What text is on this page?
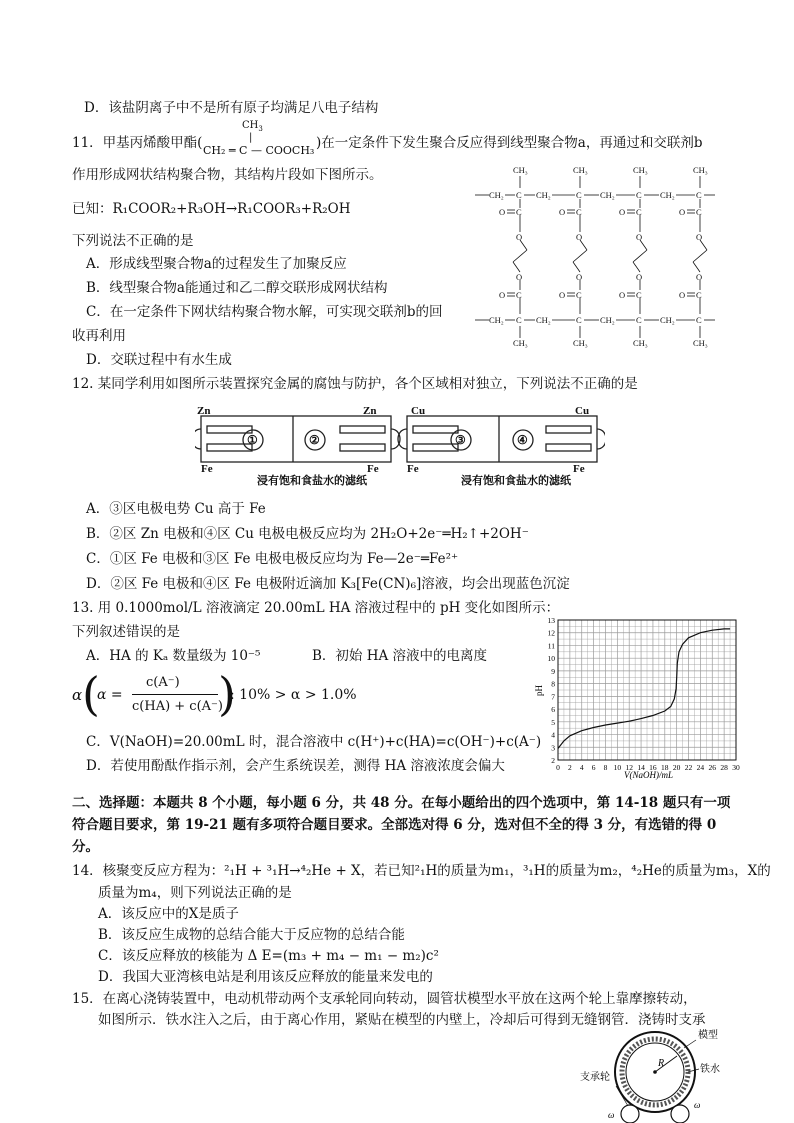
D．该盐阴离子中不是所有原子均满足八电子结构
11．甲基丙烯酸甲酯(
$CH_3$
|
CH₂ ═ C — COOCH₃ )在一定条件下发生聚合反应得到线型聚合物a，再通过和交联剂b
作用形成网状结构聚合物，其结构片段如下图所示。
已知：R₁COOR₂+R₃OH→R₁COOR₃+R₂OH
下列说法不正确的是
A．形成线型聚合物a的过程发生了加聚反应
B．线型聚合物a能通过和乙二醇交联形成网状结构
C．在一定条件下网状结构聚合物水解，可实现交联剂b的回
收再利用
D．交联过程中有水生成
CH₂ C CH₂	C CH₂ C CH₂ C
CH₃	CH₃	CH₃	CH₃
CH₂ C CH₂	C CH₂ C CH₂ C
CH₃	CH₃	CH₃	CH₃
O C
O
O
O C
O C
O
O
O C
O C
O
O
O C
O C
O
O
O C
12. 某同学利用如图所示装置探究金属的腐蚀与防护，各个区域相对独立，下列说法不正确的是
Zn	Zn
Fe	Fe
Cu	Cu
Fe	Fe
①	②	③	④
浸有饱和食盐水的滤纸	浸有饱和食盐水的滤纸
A．③区电极电势 Cu 高于 Fe
B．②区 Zn 电极和④区 Cu 电极电极反应均为 2H₂O+2e⁻═H₂↑+2OH⁻
C．①区 Fe 电极和③区 Fe 电极电极反应均为 Fe—2e⁻═Fe²⁺
D．②区 Fe 电极和④区 Fe 电极附近滴加 K₃[Fe(CN)₆]溶液，均会出现蓝色沉淀
13. 用 0.1000mol/L 溶液滴定 20.00mL HA 溶液过程中的 pH 变化如图所示：
下列叙述错误的是
A．HA 的 Kₐ 数量级为 10⁻⁵	B．初始 HA 溶液中的电离度
α (
α =
c(A⁻)
c(HA) + c(A⁻)
)
: 10% > α > 1.0%
C．V(NaOH)=20.00mL 时，混合溶液中 c(H⁺)+c(HA)=c(OH⁻)+c(A⁻)
D．若使用酚酞作指示剂，会产生系统误差，测得 HA 溶液浓度会偏大	0 2 4 6 8 10 12 14 16 18 20 22 24 26 28 30
2
3
4
5
6
7
8
9
10
11
12
13
pH
V(NaOH)/mL
二、选择题：本题共 8 个小题，每小题 6 分，共 48 分。在每小题给出的四个选项中，第 14-18 题只有一项
符合题目要求，第 19-21 题有多项符合题目要求。全部选对得 6 分，选对但不全的得 3 分，有选错的得 0
分。
14．核聚变反应方程为：²₁H + ³₁H→⁴₂He + X，若已知²₁H的质量为m₁，³₁H的质量为m₂，⁴₂He的质量为m₃，X的
质量为m₄，则下列说法正确的是
A．该反应中的X是质子
B．该反应生成物的总结合能大于反应物的总结合能
C．该反应释放的核能为 Δ E=(m₃ + m₄ − m₁ − m₂)c²
D．我国大亚湾核电站是利用该反应释放的能量来发电的
15．在离心浇铸装置中，电动机带动两个支承轮同向转动，圆管状模型水平放在这两个轮上靠摩擦转动，
如图所示．铁水注入之后，由于离心作用，紧贴在模型的内壁上，冷却后可得到无缝钢管．浇铸时支承
R
模型
铁水
支承轮
ω
ω
